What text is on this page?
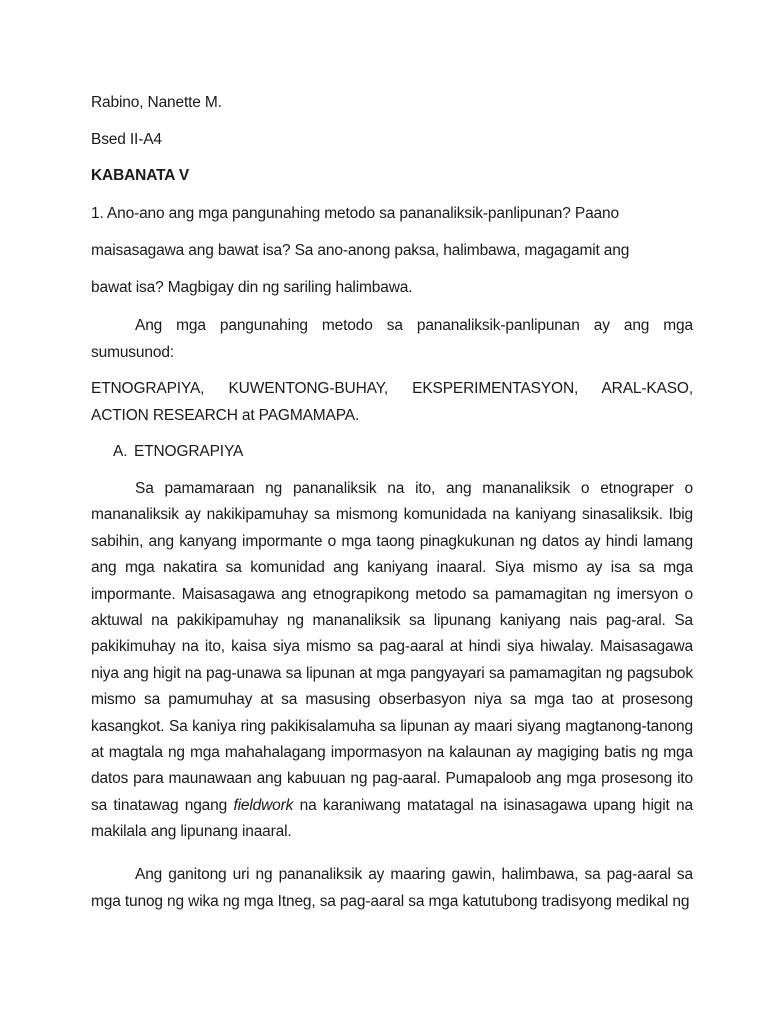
Rabino, Nanette M.
Bsed II-A4
KABANATA V
1. Ano-ano ang mga pangunahing metodo sa pananaliksik-panlipunan? Paano
maisasagawa ang bawat isa? Sa ano-anong paksa, halimbawa, magagamit ang
bawat isa? Magbigay din ng sariling halimbawa.

Ang mga pangunahing metodo sa pananaliksik-panlipunan ay ang mga sumusunod:

ETNOGRAPIYA, KUWENTONG-BUHAY, EKSPERIMENTASYON, ARAL-KASO, ACTION RESEARCH at PAGMAMAPA.

A. ETNOGRAPIYA

Sa pamamaraan ng pananaliksik na ito, ang mananaliksik o etnograper o mananaliksik ay nakikipamuhay sa mismong komunidada na kaniyang sinasaliksik. Ibig sabihin, ang kanyang impormante o mga taong pinagkukunan ng datos ay hindi lamang ang mga nakatira sa komunidad ang kaniyang inaaral. Siya mismo ay isa sa mga impormante. Maisasagawa ang etnograpikong metodo sa pamamagitan ng imersyon o aktuwal na pakikipamuhay ng mananaliksik sa lipunang kaniyang nais pag-aral. Sa pakikimuhay na ito, kaisa siya mismo sa pag-aaral at hindi siya hiwalay. Maisasagawa niya ang higit na pag-unawa sa lipunan at mga pangyayari sa pamamagitan ng pagsubok mismo sa pamumuhay at sa masusing obserbasyon niya sa mga tao at prosesong kasangkot. Sa kaniya ring pakikisalamuha sa lipunan ay maari siyang magtanong-tanong at magtala ng mga mahahalagang impormasyon na kalaunan ay magiging batis ng mga datos para maunawaan ang kabuuan ng pag-aaral. Pumapaloob ang mga prosesong ito sa tinatawag ngang fieldwork na karaniwang matatagal na isinasagawa upang higit na makilala ang lipunang inaaral.

Ang ganitong uri ng pananaliksik ay maaring gawin, halimbawa, sa pag-aaral sa mga tunog ng wika ng mga Itneg, sa pag-aaral sa mga katutubong tradisyong medikal ng
